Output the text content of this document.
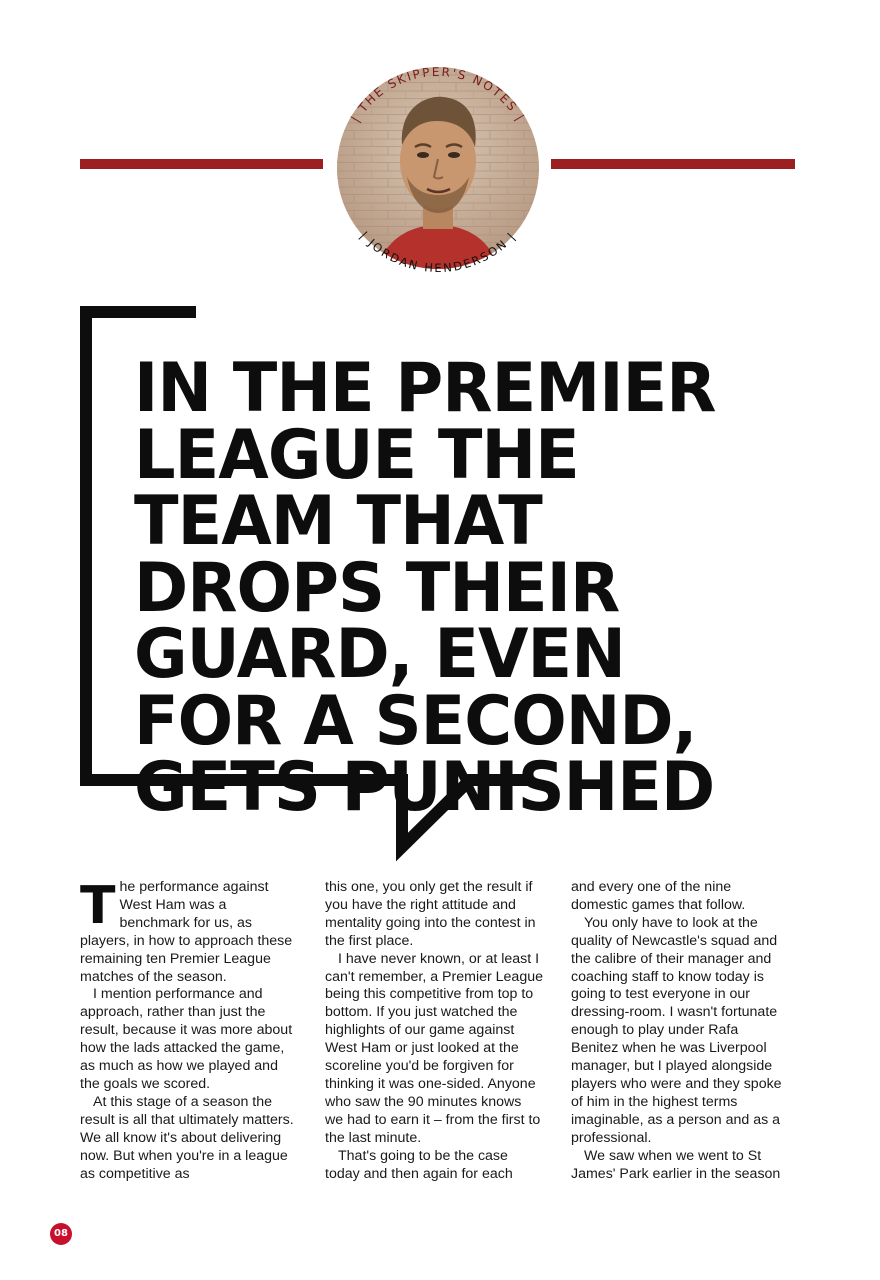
| THE SKIPPER'S NOTES |
| JORDAN HENDERSON |
IN THE PREMIER LEAGUE THE TEAM THAT DROPS THEIR GUARD, EVEN FOR A SECOND, GETS PUNISHED

The performance against West Ham was a benchmark for us, as players, in how to approach these remaining ten Premier League matches of the season.

I mention performance and approach, rather than just the result, because it was more about how the lads attacked the game, as much as how we played and the goals we scored.

At this stage of a season the result is all that ultimately matters. We all know it's about delivering now. But when you're in a league as competitive as

this one, you only get the result if you have the right attitude and mentality going into the contest in the first place.

I have never known, or at least I can't remember, a Premier League being this competitive from top to bottom. If you just watched the highlights of our game against West Ham or just looked at the scoreline you'd be forgiven for thinking it was one-sided. Anyone who saw the 90 minutes knows we had to earn it – from the first to the last minute.

That's going to be the case today and then again for each

and every one of the nine domestic games that follow.

You only have to look at the quality of Newcastle's squad and the calibre of their manager and coaching staff to know today is going to test everyone in our dressing-room. I wasn't fortunate enough to play under Rafa Benitez when he was Liverpool manager, but I played alongside players who were and they spoke of him in the highest terms imaginable, as a person and as a professional.

We saw when we went to St James' Park earlier in the season

08
